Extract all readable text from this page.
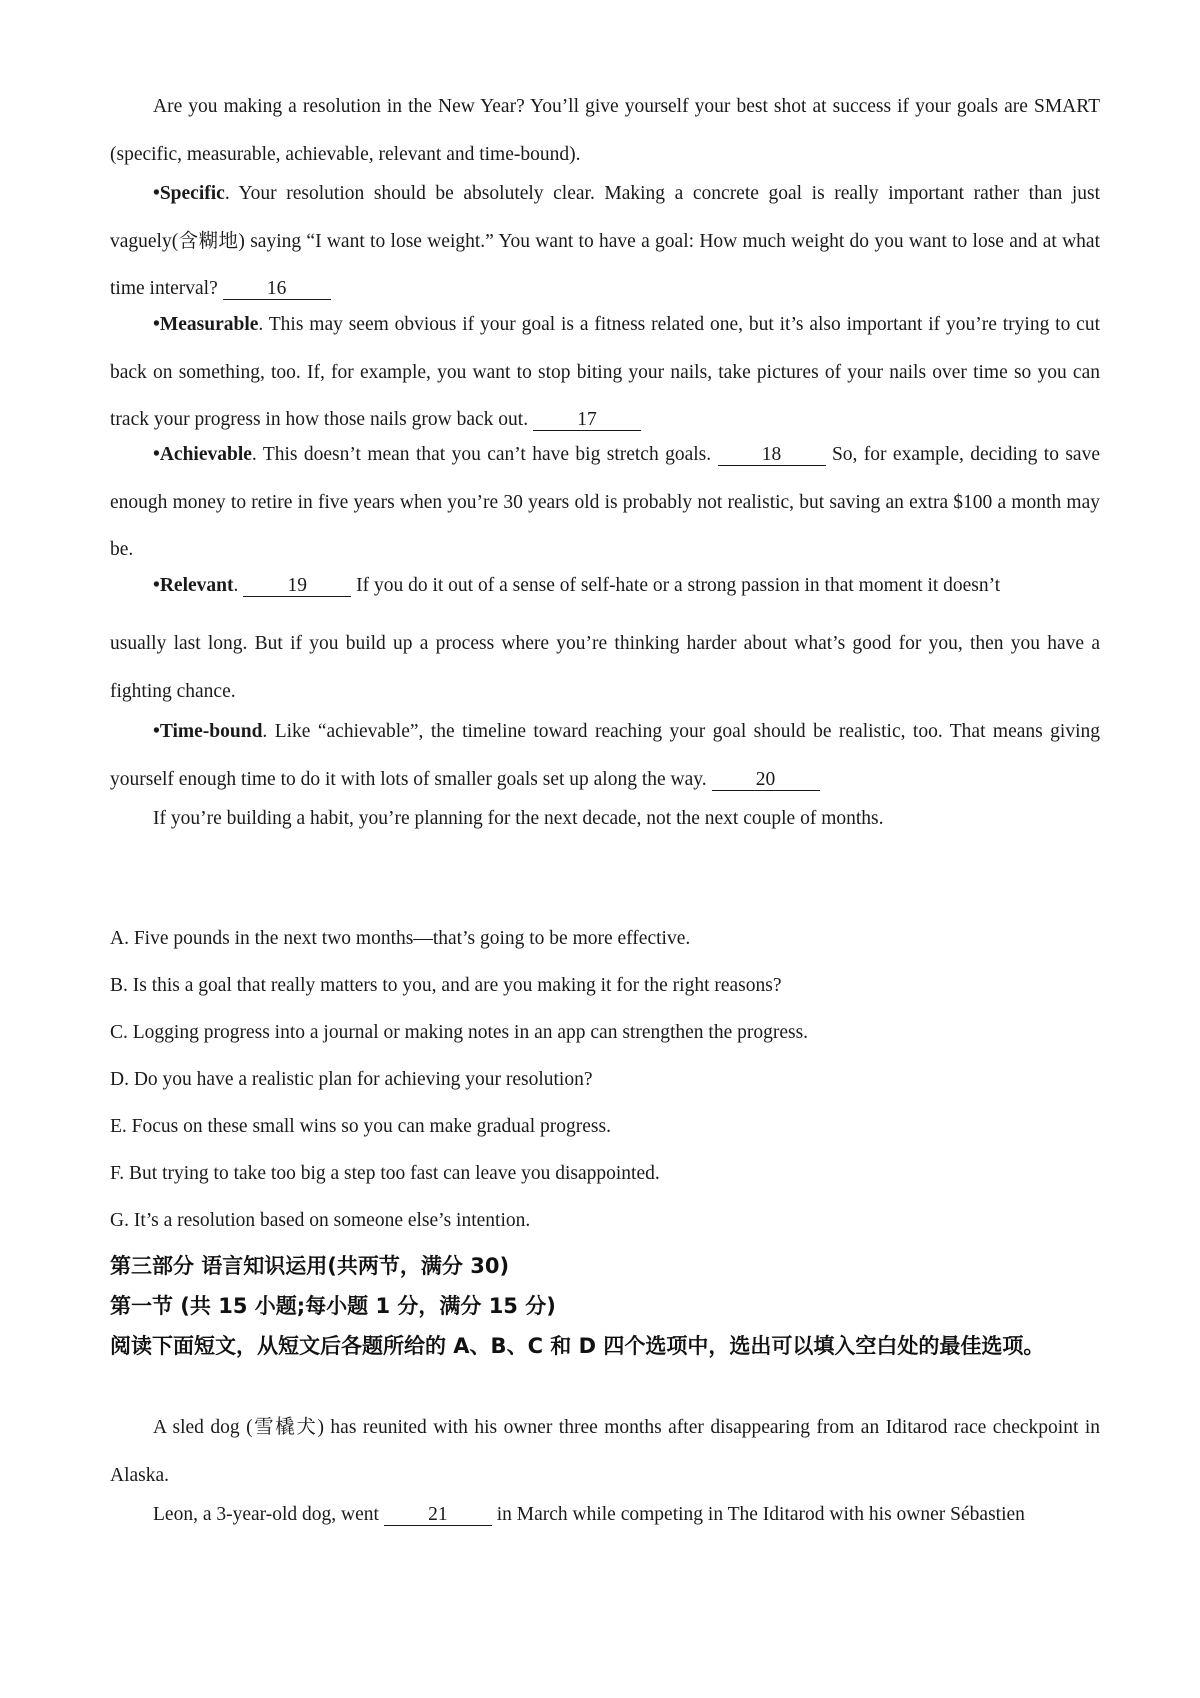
Are you making a resolution in the New Year? You’ll give yourself your best shot at success if your goals are SMART (specific, measurable, achievable, relevant and time-bound).

•Specific. Your resolution should be absolutely clear. Making a concrete goal is really important rather than just vaguely(含糊地) saying “I want to lose weight.” You want to have a goal: How much weight do you want to lose and at what time interval? 16

•Measurable. This may seem obvious if your goal is a fitness related one, but it’s also important if you’re trying to cut back on something, too. If, for example, you want to stop biting your nails, take pictures of your nails over time so you can track your progress in how those nails grow back out. 17

•Achievable. This doesn’t mean that you can’t have big stretch goals. 18 So, for example, deciding to save enough money to retire in five years when you’re 30 years old is probably not realistic, but saving an extra $100 a month may be.

•Relevant. 19 If you do it out of a sense of self-hate or a strong passion in that moment it doesn’t

usually last long. But if you build up a process where you’re thinking harder about what’s good for you, then you have a fighting chance.

•Time-bound. Like “achievable”, the timeline toward reaching your goal should be realistic, too. That means giving yourself enough time to do it with lots of smaller goals set up along the way. 20

If you’re building a habit, you’re planning for the next decade, not the next couple of months.

A. Five pounds in the next two months—that’s going to be more effective.

B. Is this a goal that really matters to you, and are you making it for the right reasons?

C. Logging progress into a journal or making notes in an app can strengthen the progress.

D. Do you have a realistic plan for achieving your resolution?

E. Focus on these small wins so you can make gradual progress.

F. But trying to take too big a step too fast can leave you disappointed.

G. It’s a resolution based on someone else’s intention.

第三部分 语言知识运用(共两节，满分 30)

第一节 (共 15 小题;每小题 1 分，满分 15 分)

阅读下面短文，从短文后各题所给的 A、B、C 和 D 四个选项中，选出可以填入空白处的最佳选项。

A sled dog (雪橇犬) has reunited with his owner three months after disappearing from an Iditarod race checkpoint in Alaska.

Leon, a 3-year-old dog, went 21 in March while competing in The Iditarod with his owner Sébastien
